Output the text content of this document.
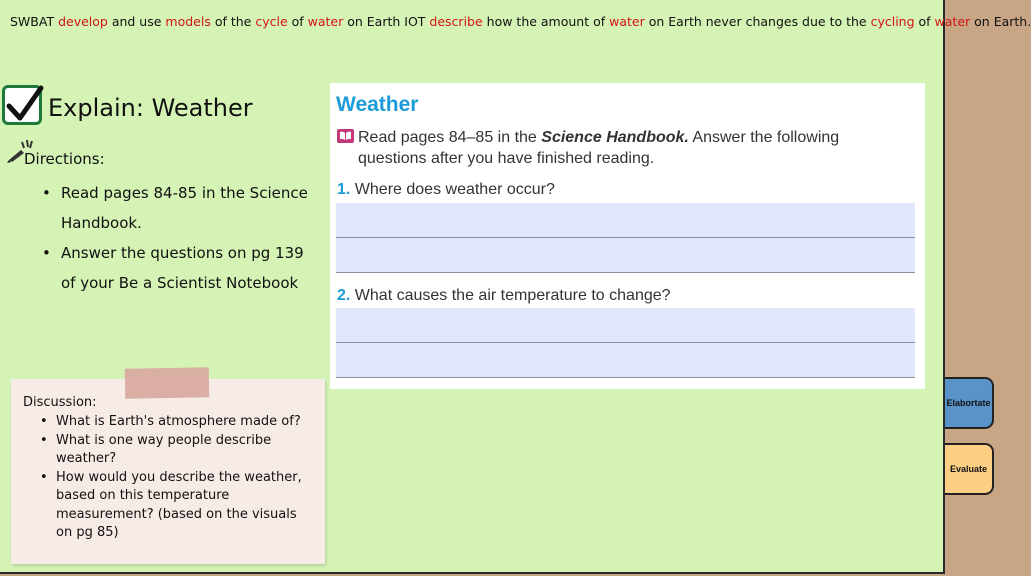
SWBAT develop and use models of the cycle of water on Earth IOT describe how the amount of water on Earth never changes due to the cycling of water on Earth.
Explain: Weather
Directions:
• Read pages 84-85 in the Science Handbook.
• Answer the questions on pg 139 of your Be a Scientist Notebook
Weather
Read pages 84–85 in the Science Handbook. Answer the following questions after you have finished reading.
1. Where does weather occur?
2. What causes the air temperature to change?
Discussion:
• What is Earth's atmosphere made of?
• What is one way people describe weather?
• How would you describe the weather, based on this temperature measurement? (based on the visuals on pg 85)
Elabortate
Evaluate
